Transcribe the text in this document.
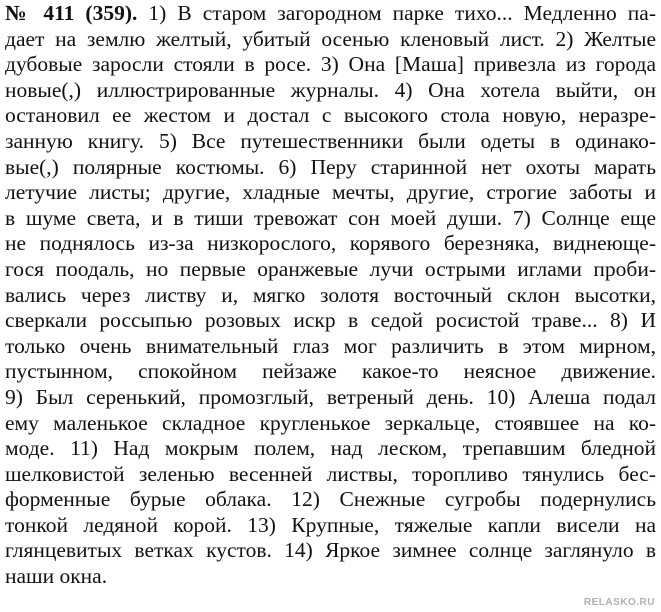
№ 411 (359). 1) В старом загородном парке тихо... Медленно па-
дает на землю желтый, убитый осенью кленовый лист. 2) Желтые
дубовые заросли стояли в росе. 3) Она [Маша] привезла из города
новые(,) иллюстрированные журналы. 4) Она хотела выйти, он
остановил ее жестом и достал с высокого стола новую, неразре-
занную книгу. 5) Все путешественники были одеты в одинако-
вые(,) полярные костюмы. 6) Перу старинной нет охоты марать
летучие листы; другие, хладные мечты, другие, строгие заботы и
в шуме света, и в тиши тревожат сон моей души. 7) Солнце еще
не поднялось из-за низкорослого, корявого березняка, виднеюще-
гося поодаль, но первые оранжевые лучи острыми иглами проби-
вались через листву и, мягко золотя восточный склон высотки,
сверкали россыпью розовых искр в седой росистой траве... 8) И
только очень внимательный глаз мог различить в этом мирном,
пустынном, спокойном пейзаже какое-то неясное движение.
9) Был серенький, промозглый, ветреный день. 10) Алеша подал
ему маленькое складное кругленькое зеркальце, стоявшее на ко-
моде. 11) Над мокрым полем, над леском, трепавшим бледной
шелковистой зеленью весенней листвы, торопливо тянулись бес-
форменные бурые облака. 12) Снежные сугробы подернулись
тонкой ледяной корой. 13) Крупные, тяжелые капли висели на
глянцевитых ветках кустов. 14) Яркое зимнее солнце заглянуло в
наши окна.
RELASKO.RU
